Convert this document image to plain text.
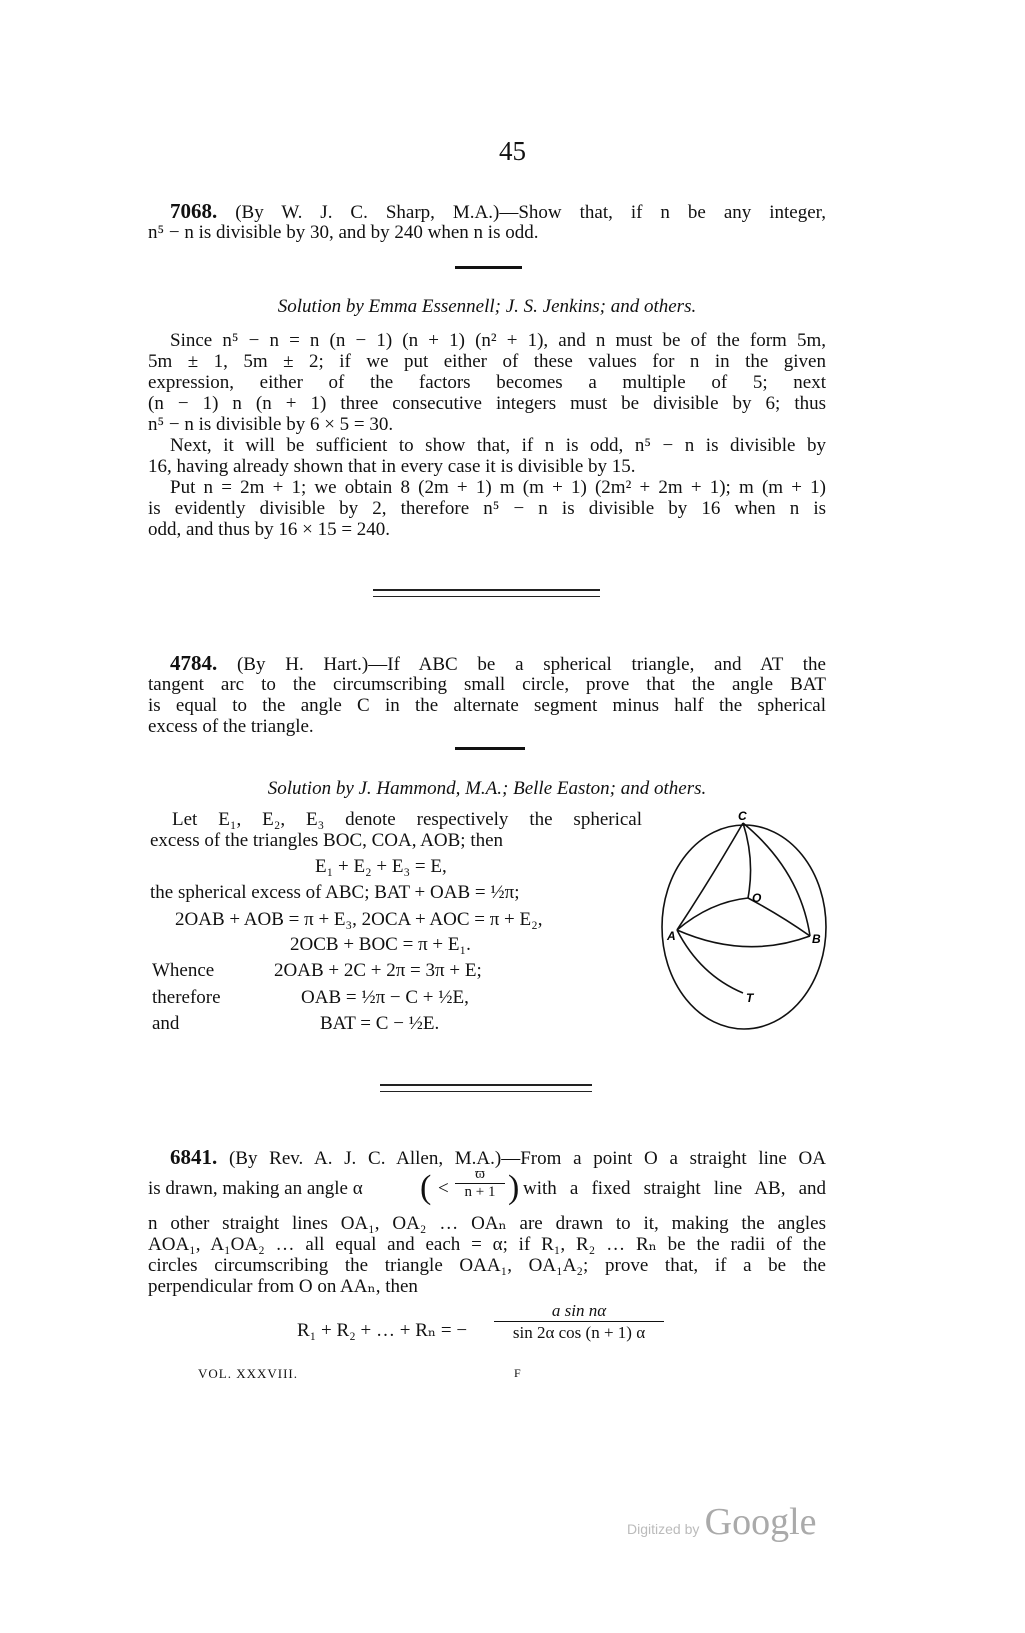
45
7068. (By W. J. C. Sharp, M.A.)—Show that, if n be any integer,
n⁵ − n is divisible by 30, and by 240 when n is odd.
Solution by Emma Essennell; J. S. Jenkins; and others.
Since n⁵ − n = n (n − 1) (n + 1) (n² + 1), and n must be of the form 5m,
5m ± 1, 5m ± 2; if we put either of these values for n in the given
expression, either of the factors becomes a multiple of 5; next
(n − 1) n (n + 1) three consecutive integers must be divisible by 6; thus
n⁵ − n is divisible by 6 × 5 = 30.
Next, it will be sufficient to show that, if n is odd, n⁵ − n is divisible by
16, having already shown that in every case it is divisible by 15.
Put n = 2m + 1; we obtain 8 (2m + 1) m (m + 1) (2m² + 2m + 1); m (m + 1)
is evidently divisible by 2, therefore n⁵ − n is divisible by 16 when n is
odd, and thus by 16 × 15 = 240.
4784. (By H. Hart.)—If ABC be a spherical triangle, and AT the
tangent arc to the circumscribing small circle, prove that the angle BAT
is equal to the angle C in the alternate segment minus half the spherical
excess of the triangle.
Solution by J. Hammond, M.A.; Belle Easton; and others.
Let E₁, E₂, E₃ denote respectively the spherical
excess of the triangles BOC, COA, AOB; then
E₁ + E₂ + E₃ = E,
the spherical excess of ABC; BAT + OAB = ½π;
2OAB + AOB = π + E₃, 2OCA + AOC = π + E₂,
2OCB + BOC = π + E₁.
Whence	2OAB + 2C + 2π = 3π + E;
therefore	OAB = ½π − C + ½E,
and	BAT = C − ½E.
C
O
A	B
T
6841. (By Rev. A. J. C. Allen, M.A.)—From a point O a straight line OA
is drawn, making an angle α ( < $\frac{ϖ}{n + 1}$ ) with a fixed straight line AB, and
n other straight lines OA₁, OA₂ … OAₙ are drawn to it, making the angles
AOA₁, A₁OA₂ … all equal and each = α; if R₁, R₂ … Rₙ be the radii of the
circles circumscribing the triangle OAA₁, OA₁A₂; prove that, if a be the
perpendicular from O on AAₙ, then
R₁ + R₂ + … + Rₙ = − $\frac{\text{a sin nα}}{\text{sin 2α cos (n + 1) α}}$
VOL. XXXVIII.	F
Digitized by Google
